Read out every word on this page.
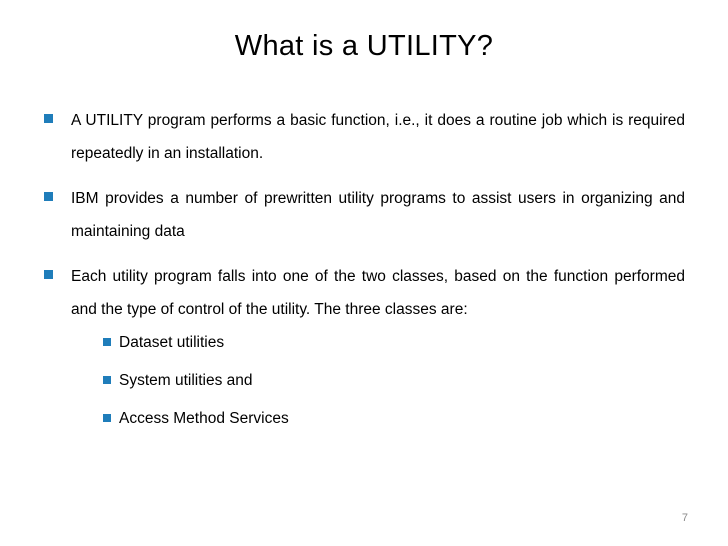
What is a UTILITY?
A UTILITY program performs a basic function, i.e., it does a routine job which is required repeatedly in an installation.
IBM provides a number of prewritten utility programs to assist users in organizing and maintaining data
Each utility program falls into one of the two classes, based on the function performed and the type of control of the utility. The three classes are:
Dataset utilities
System utilities and
Access Method Services
7
